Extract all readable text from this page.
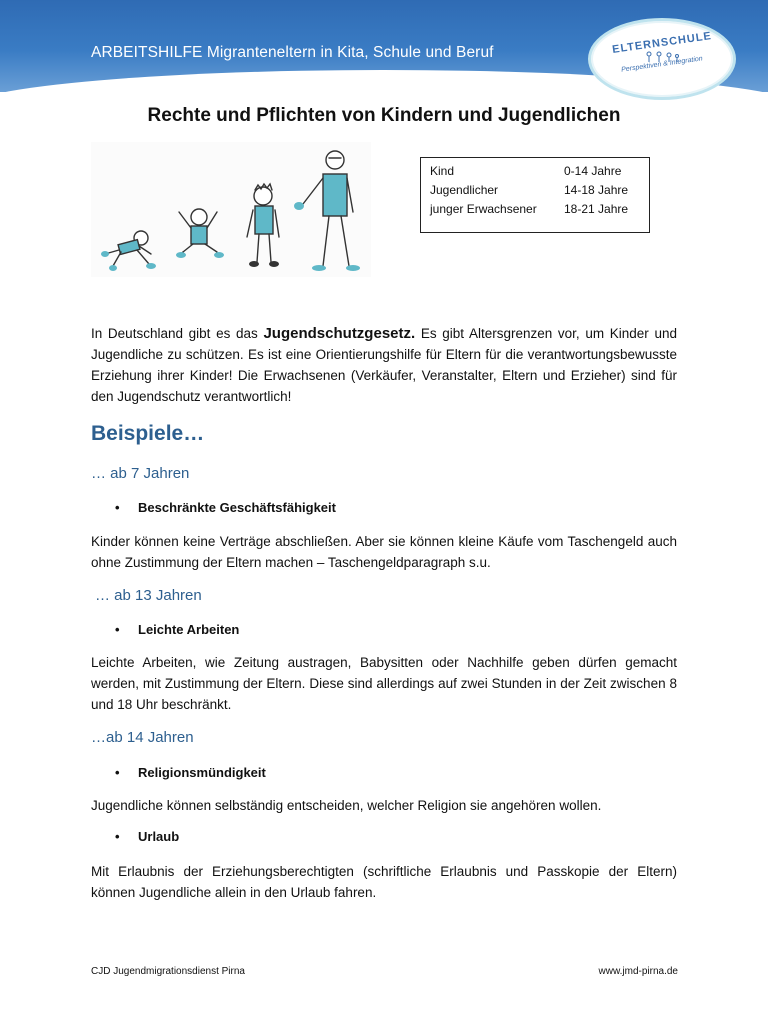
ARBEITSHILFE Migranteneltern in Kita, Schule und Beruf	ELTERNSCHULE
Perspektiven & Integration
Rechte und Pflichten von Kindern und Jugendlichen
Kind	0-14 Jahre
Jugendlicher	14-18 Jahre
junger Erwachsener 18-21 Jahre
In Deutschland gibt es das Jugendschutzgesetz. Es gibt Altersgrenzen vor, um Kinder und Jugendliche zu schützen. Es ist eine Orientierungshilfe für Eltern für die verantwortungsbewusste Erziehung ihrer Kinder! Die Erwachsenen (Verkäufer, Veranstalter, Eltern und Erzieher) sind für den Jugendschutz verantwortlich!
Beispiele…
… ab 7 Jahren
•	Beschränkte Geschäftsfähigkeit
Kinder können keine Verträge abschließen. Aber sie können kleine Käufe vom Taschengeld auch ohne Zustimmung der Eltern machen – Taschengeldparagraph s.u.
… ab 13 Jahren
•	Leichte Arbeiten
Leichte Arbeiten, wie Zeitung austragen, Babysitten oder Nachhilfe geben dürfen gemacht werden, mit Zustimmung der Eltern. Diese sind allerdings auf zwei Stunden in der Zeit zwischen 8 und 18 Uhr beschränkt.
…ab 14 Jahren
•	Religionsmündigkeit
Jugendliche können selbständig entscheiden, welcher Religion sie angehören wollen.
•	Urlaub
Mit Erlaubnis der Erziehungsberechtigten (schriftliche Erlaubnis und Passkopie der Eltern) können Jugendliche allein in den Urlaub fahren.
CJD Jugendmigrationsdienst Pirna	www.jmd-pirna.de
